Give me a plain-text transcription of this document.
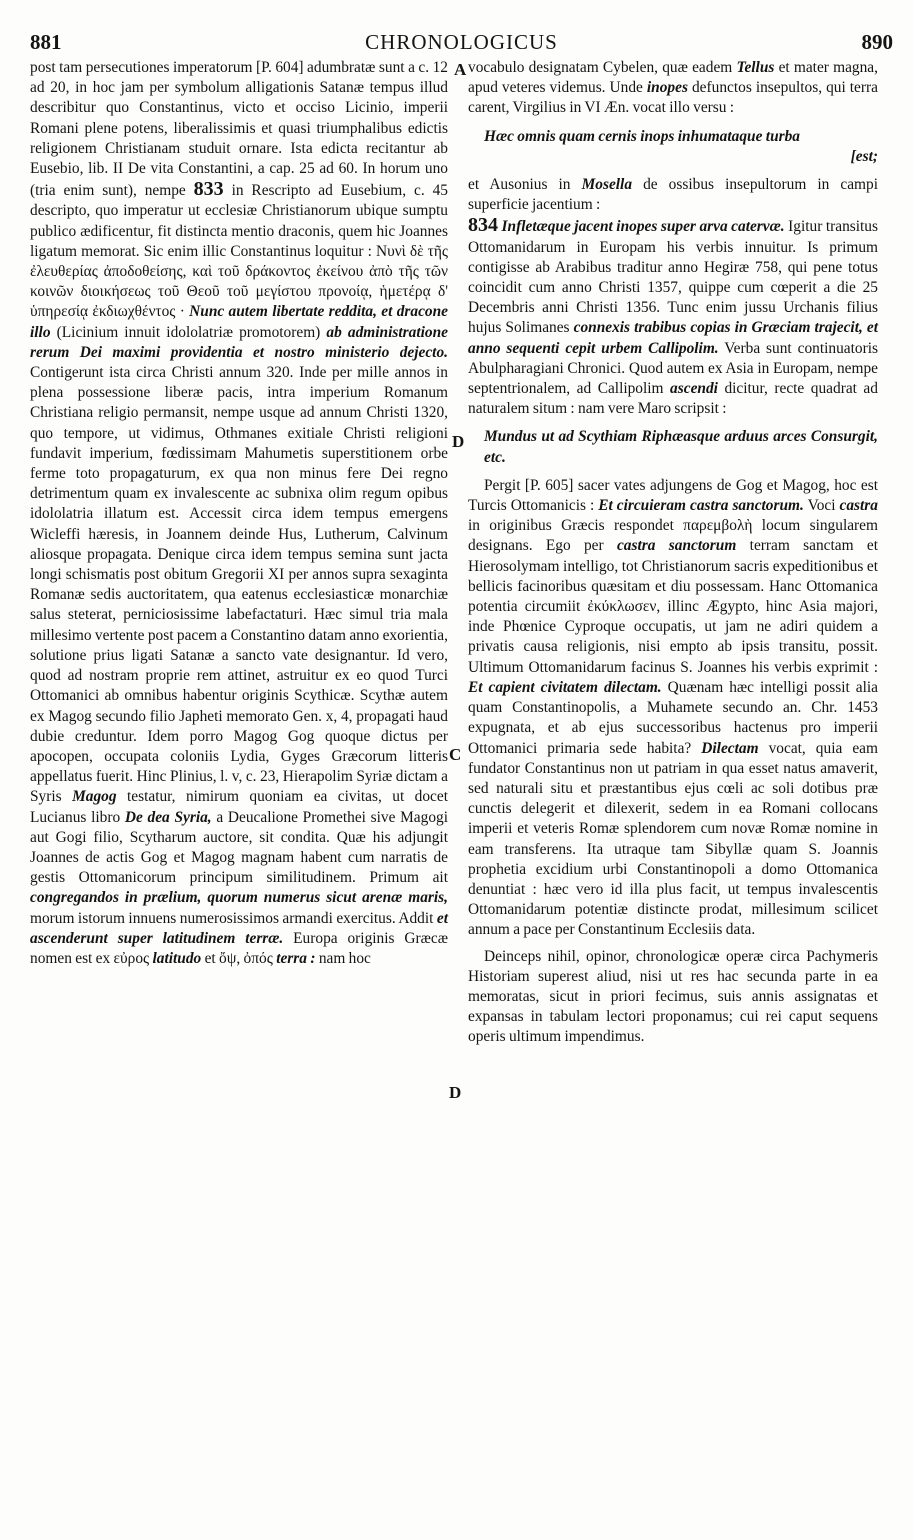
881	CHRONOLOGICUS	890
A
D
C
D

post tam persecutiones imperatorum [P. 604] adumbratæ sunt a c. 12 ad 20, in hoc jam per symbolum alligationis Satanæ tempus illud describitur quo Constantinus, victo et occiso Licinio, imperii Romani plene potens, liberalissimis et quasi triumphalibus edictis religionem Christianam studuit ornare. Ista edicta recitantur ab Eusebio, lib. II De vita Constantini, a cap. 25 ad 60. In horum uno (tria enim sunt), nempe 833 in Rescripto ad Eusebium, c. 45 descripto, quo imperatur ut ecclesiæ Christianorum ubique sumptu publico ædificentur, fit distincta mentio draconis, quem hic Joannes ligatum memorat. Sic enim illic Constantinus loquitur : Νυνὶ δὲ τῆς ἐλευθερίας ἀποδοθείσης, καὶ τοῦ δράκοντος ἐκείνου ἀπὸ τῆς τῶν κοινῶν διοικήσεως τοῦ Θεοῦ τοῦ μεγίστου προνοίᾳ, ἡμετέρᾳ δ' ὑπηρεσίᾳ ἐκδιωχθέντος · Nunc autem libertate reddita, et dracone illo (Licinium innuit idololatriæ promotorem) ab administratione rerum Dei maximi providentia et nostro ministerio dejecto. Contigerunt ista circa Christi annum 320. Inde per mille annos in plena possessione liberæ pacis, intra imperium Romanum Christiana religio permansit, nempe usque ad annum Christi 1320, quo tempore, ut vidimus, Othmanes exitiale Christi religioni fundavit imperium, fœdissimam Mahumetis superstitionem orbe ferme toto propagaturum, ex qua non minus fere Dei regno detrimentum quam ex invalescente ac subnixa olim regum opibus idololatria illatum est. Accessit circa idem tempus emergens Wicleffi hæresis, in Joannem deinde Hus, Lutherum, Calvinum aliosque propagata. Denique circa idem tempus semina sunt jacta longi schismatis post obitum Gregorii XI per annos supra sexaginta Romanæ sedis auctoritatem, qua eatenus ecclesiasticæ monarchiæ salus steterat, perniciosissime labefactaturi. Hæc simul tria mala millesimo vertente post pacem a Constantino datam anno exorientia, solutione prius ligati Satanæ a sancto vate designantur. Id vero, quod ad nostram proprie rem attinet, astruitur ex eo quod Turci Ottomanici ab omnibus habentur originis Scythicæ. Scythæ autem ex Magog secundo filio Japheti memorato Gen. x, 4, propagati haud dubie creduntur. Idem porro Magog Gog quoque dictus per apocopen, occupata coloniis Lydia, Gyges Græcorum litteris appellatus fuerit. Hinc Plinius, l. v, c. 23, Hierapolim Syriæ dictam a Syris Magog testatur, nimirum quoniam ea civitas, ut docet Lucianus libro De dea Syria, a Deucalione Promethei sive Magogi aut Gogi filio, Scytharum auctore, sit condita. Quæ his adjungit Joannes de actis Gog et Magog magnam habent cum narratis de gestis Ottomanicorum principum similitudinem. Primum ait congregandos in prælium, quorum numerus sicut arenæ maris, morum istorum innuens numerosissimos armandi exercitus. Addit et ascenderunt super latitudinem terræ. Europa originis Græcæ nomen est ex εὐρος latitudo et ὄψ, ὀπός terra : nam hoc

vocabulo designatam Cybelen, quæ eadem Tellus et mater magna, apud veteres videmus. Unde inopes defunctos insepultos, qui terra carent, Virgilius in VI Æn. vocat illo versu :

Hæc omnis quam cernis inops inhumataque turba

[est;

et Ausonius in Mosella de ossibus insepultorum in campi superficie jacentium :

834 Infletæque jacent inopes super arva catervæ. Igitur transitus Ottomanidarum in Europam his verbis innuitur. Is primum contigisse ab Arabibus traditur anno Hegiræ 758, qui pene totus coincidit cum anno Christi 1357, quippe cum cœperit a die 25 Decembris anni Christi 1356. Tunc enim jussu Urchanis filius hujus Solimanes connexis trabibus copias in Græciam trajecit, et anno sequenti cepit urbem Callipolim. Verba sunt continuatoris Abulpharagiani Chronici. Quod autem ex Asia in Europam, nempe septentrionalem, ad Callipolim ascendi dicitur, recte quadrat ad naturalem situm : nam vere Maro scripsit :

Mundus ut ad Scythiam Riphæasque arduus arces Consurgit, etc.

Pergit [P. 605] sacer vates adjungens de Gog et Magog, hoc est Turcis Ottomanicis : Et circuieram castra sanctorum. Voci castra in originibus Græcis respondet παρεμβολὴ locum singularem designans. Ego per castra sanctorum terram sanctam et Hierosolymam intelligo, tot Christianorum sacris expeditionibus et bellicis facinoribus quæsitam et diu possessam. Hanc Ottomanica potentia circumiit ἐκύκλωσεν, illinc Ægypto, hinc Asia majori, inde Phœnice Cyproque occupatis, ut jam ne adiri quidem a privatis causa religionis, nisi empto ab ipsis transitu, possit. Ultimum Ottomanidarum facinus S. Joannes his verbis exprimit : Et capient civitatem dilectam. Quænam hæc intelligi possit alia quam Constantinopolis, a Muhamete secundo an. Chr. 1453 expugnata, et ab ejus successoribus hactenus pro imperii Ottomanici primaria sede habita? Dilectam vocat, quia eam fundator Constantinus non ut patriam in qua esset natus amaverit, sed naturali situ et præstantibus ejus cœli ac soli dotibus præ cunctis delegerit et dilexerit, sedem in ea Romani collocans imperii et veteris Romæ splendorem cum novæ Romæ nomine in eam transferens. Ita utraque tam Sibyllæ quam S. Joannis prophetia excidium urbi Constantinopoli a domo Ottomanica denuntiat : hæc vero id illa plus facit, ut tempus invalescentis Ottomanidarum potentiæ distincte prodat, millesimum scilicet annum a pace per Constantinum Ecclesiis data.

Deinceps nihil, opinor, chronologicæ operæ circa Pachymeris Historiam superest aliud, nisi ut res hac secunda parte in ea memoratas, sicut in priori fecimus, suis annis assignatas et expansas in tabulam lectori proponamus; cui rei caput sequens operis ultimum impendimus.
